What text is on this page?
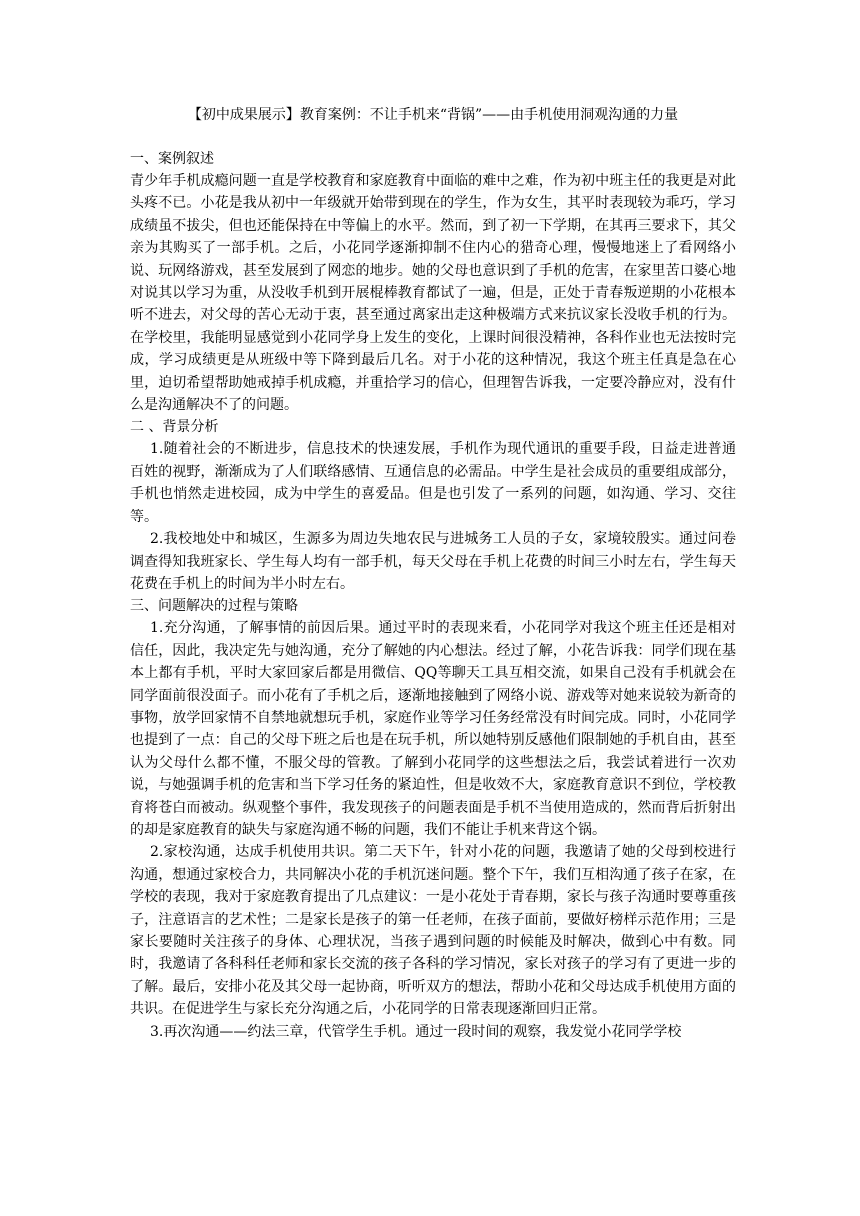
【初中成果展示】教育案例：不让手机来“背锅”——由手机使用洞观沟通的力量

一、案例叙述

青少年手机成瘾问题一直是学校教育和家庭教育中面临的难中之难，作为初中班主任的我更是对此头疼不已。小花是我从初中一年级就开始带到现在的学生，作为女生，其平时表现较为乖巧，学习成绩虽不拔尖，但也还能保持在中等偏上的水平。然而，到了初一下学期，在其再三要求下，其父亲为其购买了一部手机。之后，小花同学逐渐抑制不住内心的猎奇心理，慢慢地迷上了看网络小说、玩网络游戏，甚至发展到了网恋的地步。她的父母也意识到了手机的危害，在家里苦口婆心地对说其以学习为重，从没收手机到开展棍棒教育都试了一遍，但是，正处于青春叛逆期的小花根本听不进去，对父母的苦心无动于衷，甚至通过离家出走这种极端方式来抗议家长没收手机的行为。在学校里，我能明显感觉到小花同学身上发生的变化，上课时间很没精神，各科作业也无法按时完成，学习成绩更是从班级中等下降到最后几名。对于小花的这种情况，我这个班主任真是急在心里，迫切希望帮助她戒掉手机成瘾，并重拾学习的信心，但理智告诉我，一定要冷静应对，没有什么是沟通解决不了的问题。

二 、背景分析

1.随着社会的不断进步，信息技术的快速发展，手机作为现代通讯的重要手段，日益走进普通百姓的视野，渐渐成为了人们联络感情、互通信息的必需品。中学生是社会成员的重要组成部分，手机也悄然走进校园，成为中学生的喜爱品。但是也引发了一系列的问题，如沟通、学习、交往等。

2.我校地处中和城区，生源多为周边失地农民与进城务工人员的子女，家境较殷实。通过问卷调查得知我班家长、学生每人均有一部手机，每天父母在手机上花费的时间三小时左右，学生每天花费在手机上的时间为半小时左右。

三、问题解决的过程与策略

1.充分沟通，了解事情的前因后果。通过平时的表现来看，小花同学对我这个班主任还是相对信任，因此，我决定先与她沟通，充分了解她的内心想法。经过了解，小花告诉我：同学们现在基本上都有手机，平时大家回家后都是用微信、QQ等聊天工具互相交流，如果自己没有手机就会在同学面前很没面子。而小花有了手机之后，逐渐地接触到了网络小说、游戏等对她来说较为新奇的事物，放学回家情不自禁地就想玩手机，家庭作业等学习任务经常没有时间完成。同时，小花同学也提到了一点：自己的父母下班之后也是在玩手机，所以她特别反感他们限制她的手机自由，甚至认为父母什么都不懂，不服父母的管教。了解到小花同学的这些想法之后，我尝试着进行一次劝说，与她强调手机的危害和当下学习任务的紧迫性，但是收效不大，家庭教育意识不到位，学校教育将苍白而被动。纵观整个事件，我发现孩子的问题表面是手机不当使用造成的，然而背后折射出的却是家庭教育的缺失与家庭沟通不畅的问题，我们不能让手机来背这个锅。

2.家校沟通，达成手机使用共识。第二天下午，针对小花的问题，我邀请了她的父母到校进行沟通，想通过家校合力，共同解决小花的手机沉迷问题。整个下午，我们互相沟通了孩子在家，在学校的表现，我对于家庭教育提出了几点建议：一是小花处于青春期，家长与孩子沟通时要尊重孩子，注意语言的艺术性；二是家长是孩子的第一任老师，在孩子面前，要做好榜样示范作用；三是家长要随时关注孩子的身体、心理状况，当孩子遇到问题的时候能及时解决，做到心中有数。同时，我邀请了各科科任老师和家长交流的孩子各科的学习情况，家长对孩子的学习有了更进一步的了解。最后，安排小花及其父母一起协商，听听双方的想法，帮助小花和父母达成手机使用方面的共识。在促进学生与家长充分沟通之后，小花同学的日常表现逐渐回归正常。

3.再次沟通——约法三章，代管学生手机。通过一段时间的观察，我发觉小花同学学校
